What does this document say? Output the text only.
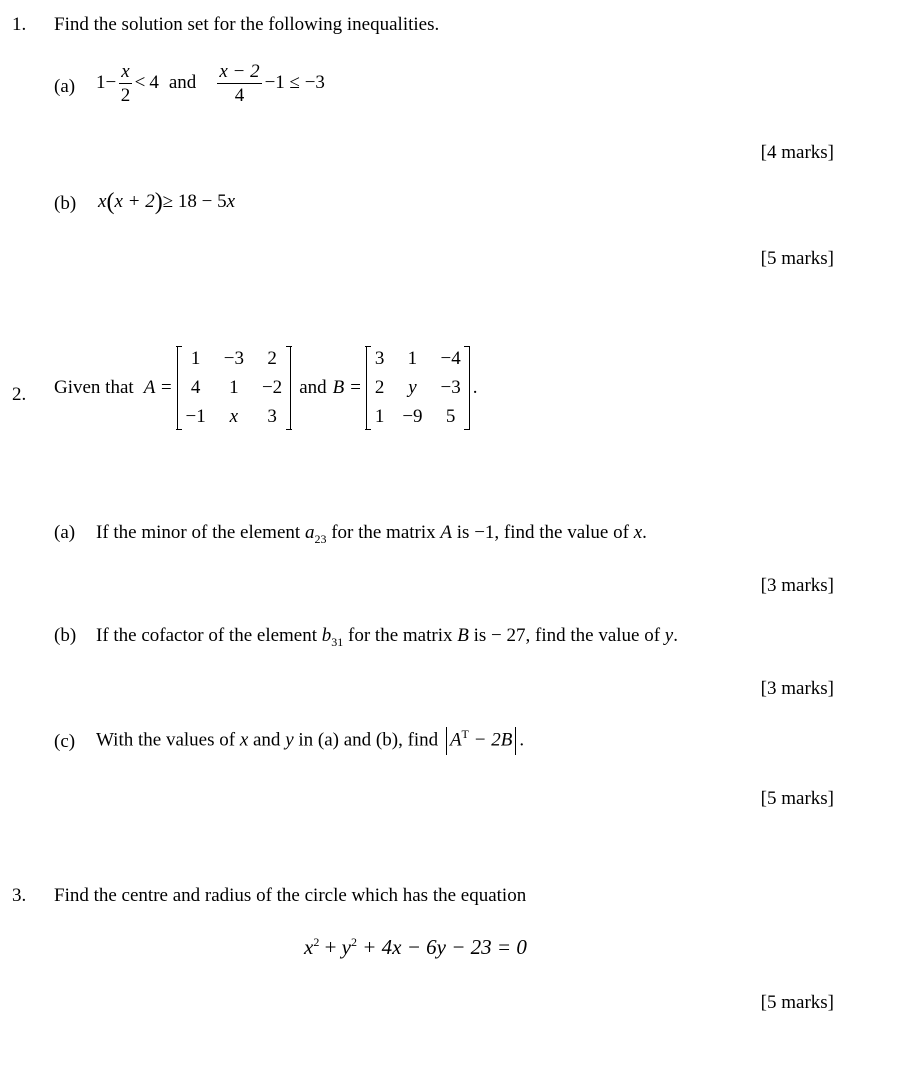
1. Find the solution set for the following inequalities.
(a) $1 - \frac{x}{2} < 4$ and $\frac{x - 2}{4} -1 \le -3$
[4 marks]
(b) x(x + 2)≥ 18 − 5x
[5 marks]
2. Given that A =
1 −3 2
4 1 −2
−1	x	3
and B =
3 1 −4
2	y	−3
1 −9 5
.
(a) If the minor of the element $a_{23}$ for the matrix A is −1, find the value of x.
[3 marks]
(b) If the cofactor of the element $b_{31}$ for the matrix B is − 27, find the value of y.
[3 marks]
(c) With the values of x and y in (a) and (b), find $A^T - 2B$ .
[5 marks]
3. Find the centre and radius of the circle which has the equation
$x^2 + y^2 + 4x - 6y - 23 = 0$
[5 marks]
